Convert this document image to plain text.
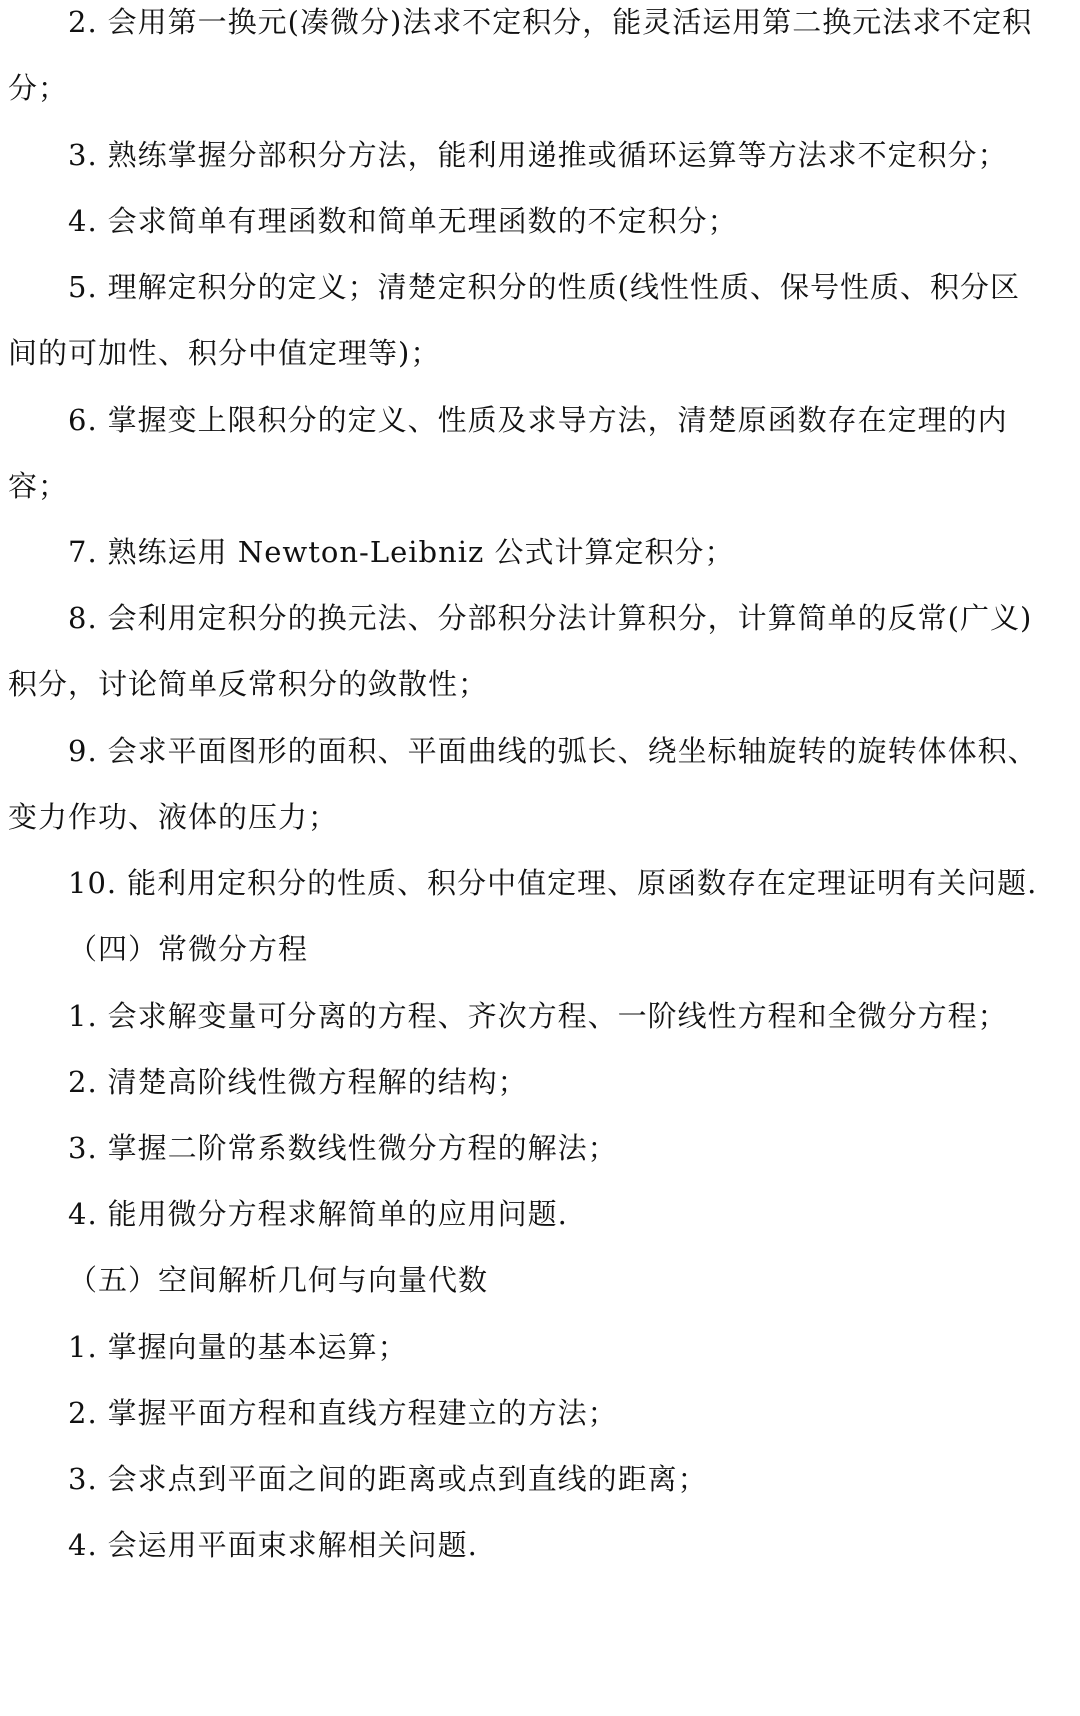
2. 会用第一换元(凑微分)法求不定积分，能灵活运用第二换元法求不定积
分；
3. 熟练掌握分部积分方法，能利用递推或循环运算等方法求不定积分；
4. 会求简单有理函数和简单无理函数的不定积分；
5. 理解定积分的定义；清楚定积分的性质(线性性质、保号性质、积分区
间的可加性、积分中值定理等)；
6. 掌握变上限积分的定义、性质及求导方法，清楚原函数存在定理的内
容；
7. 熟练运用 Newton-Leibniz 公式计算定积分；
8. 会利用定积分的换元法、分部积分法计算积分，计算简单的反常(广义)
积分，讨论简单反常积分的敛散性；
9. 会求平面图形的面积、平面曲线的弧长、绕坐标轴旋转的旋转体体积、
变力作功、液体的压力；
10. 能利用定积分的性质、积分中值定理、原函数存在定理证明有关问题.
（四）常微分方程
1. 会求解变量可分离的方程、齐次方程、一阶线性方程和全微分方程；
2. 清楚高阶线性微方程解的结构；
3. 掌握二阶常系数线性微分方程的解法；
4. 能用微分方程求解简单的应用问题.
（五）空间解析几何与向量代数
1. 掌握向量的基本运算；
2. 掌握平面方程和直线方程建立的方法；
3. 会求点到平面之间的距离或点到直线的距离；
4. 会运用平面束求解相关问题.
